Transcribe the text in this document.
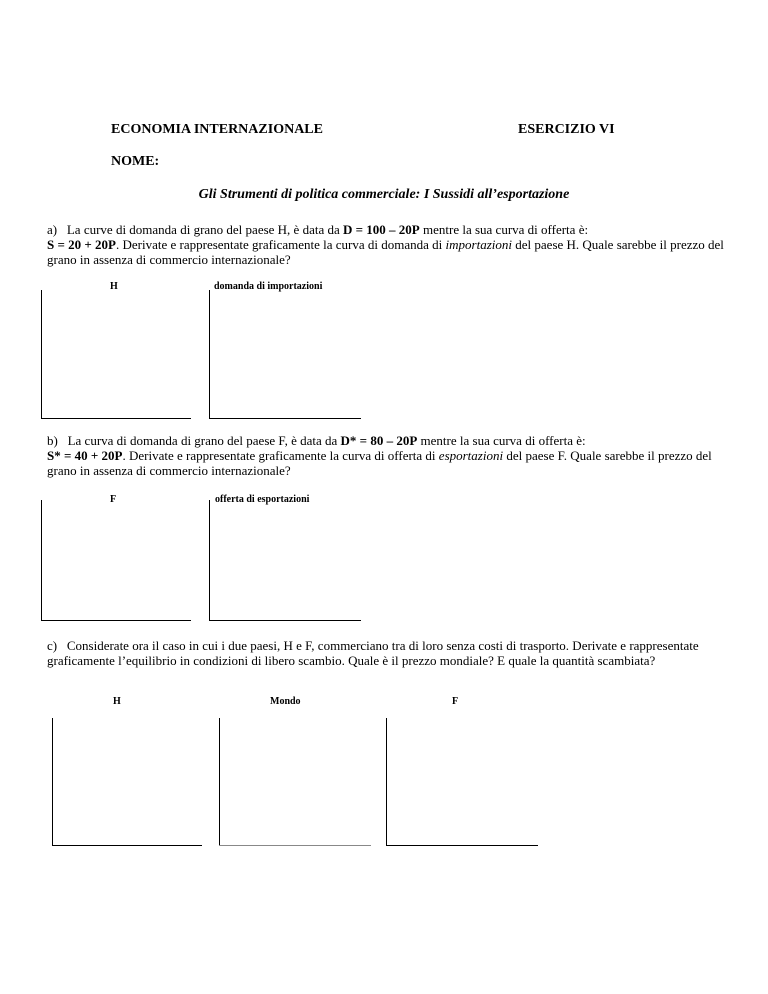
ECONOMIA INTERNAZIONALE	ESERCIZIO VI
NOME:
Gli Strumenti di politica commerciale: I Sussidi all’esportazione
a) La curve di domanda di grano del paese H, è data da D = 100 – 20P mentre la sua curva di offerta è:
S = 20 + 20P. Derivate e rappresentate graficamente la curva di domanda di importazioni del paese H. Quale sarebbe il prezzo del grano in assenza di commercio internazionale?
H	domanda di importazioni
b) La curva di domanda di grano del paese F, è data da D* = 80 – 20P mentre la sua curva di offerta è:
S* = 40 + 20P. Derivate e rappresentate graficamente la curva di offerta di esportazioni del paese F. Quale sarebbe il prezzo del grano in assenza di commercio internazionale?
F	offerta di esportazioni
c) Considerate ora il caso in cui i due paesi, H e F, commerciano tra di loro senza costi di trasporto. Derivate e rappresentate graficamente l’equilibrio in condizioni di libero scambio. Quale è il prezzo mondiale? E quale la quantità scambiata?
H	Mondo	F
